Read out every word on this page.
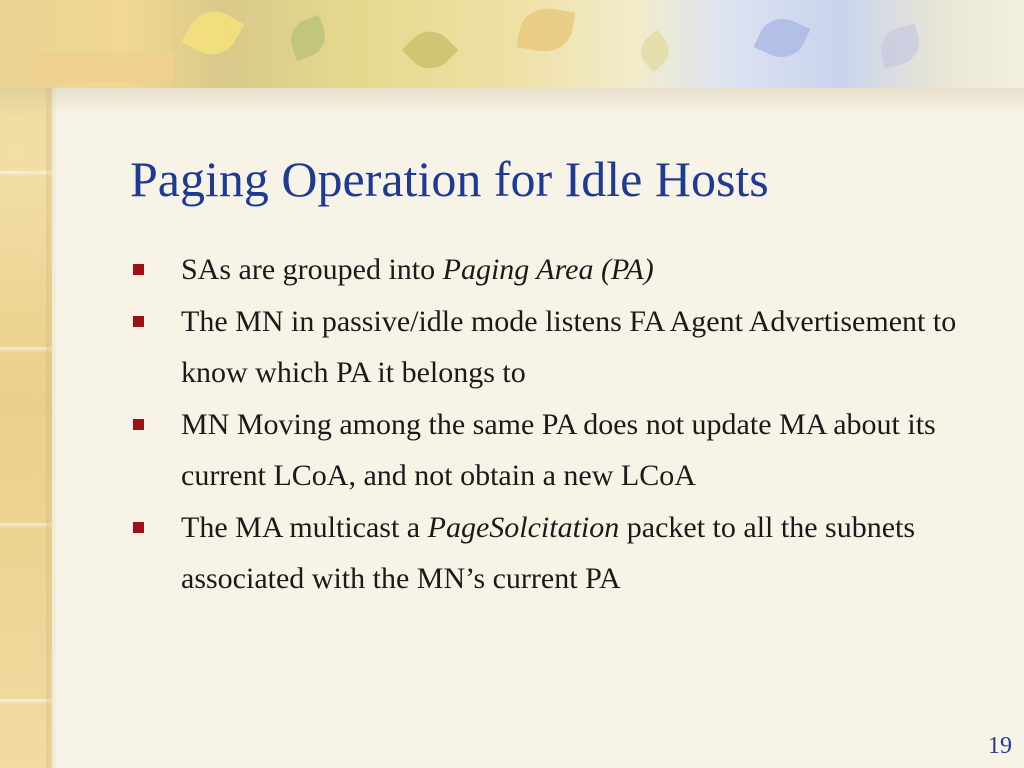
Paging Operation for Idle Hosts
SAs are grouped into Paging Area (PA)
The MN in passive/idle mode listens FA Agent Advertisement to know which PA it belongs to
MN Moving among the same PA does not update MA about its current LCoA, and not obtain a new LCoA
The MA multicast a PageSolcitation packet to all the subnets associated with the MN’s current PA
19
